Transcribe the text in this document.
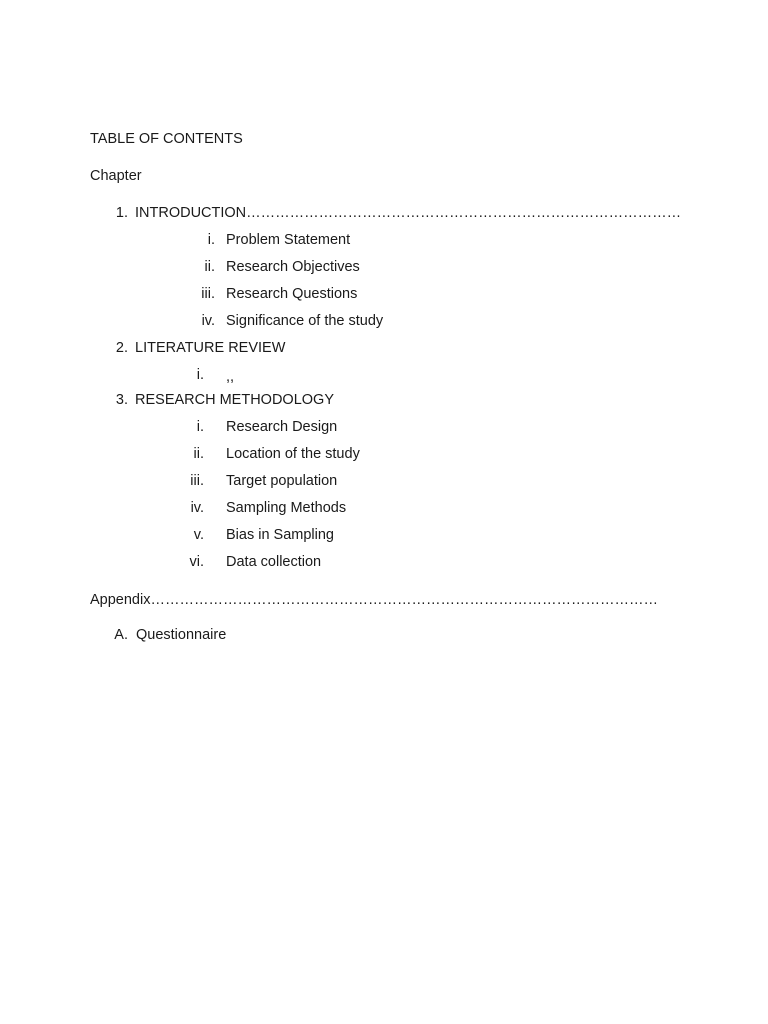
TABLE OF CONTENTS
Chapter
1. INTRODUCTION………………………………………………………………………………
i. Problem Statement
ii. Research Objectives
iii. Research Questions
iv. Significance of the study
2. LITERATURE REVIEW
i. ,,
3. RESEARCH METHODOLOGY
i. Research Design
ii. Location of the study
iii. Target population
iv. Sampling Methods
v. Bias in Sampling
vi. Data collection
Appendix……………………………………………………………………………………………
A. Questionnaire
